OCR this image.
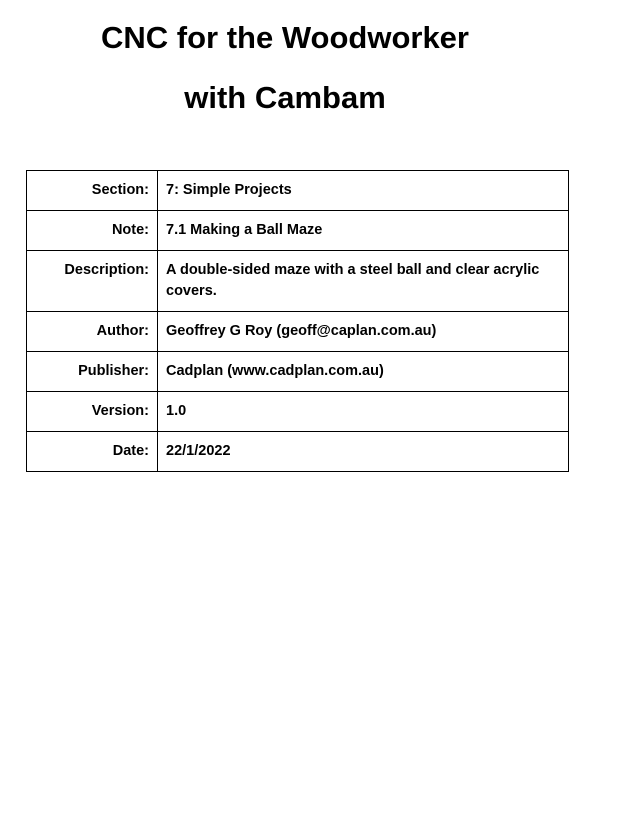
CNC for the Woodworker
with Cambam
Section:	7: Simple Projects
Note:	7.1 Making a Ball Maze
Description:	A double-sided maze with a steel ball and clear acrylic covers.
Author:	Geoffrey G Roy (geoff@caplan.com.au)
Publisher:	Cadplan (www.cadplan.com.au)
Version:	1.0
Date:	22/1/2022
